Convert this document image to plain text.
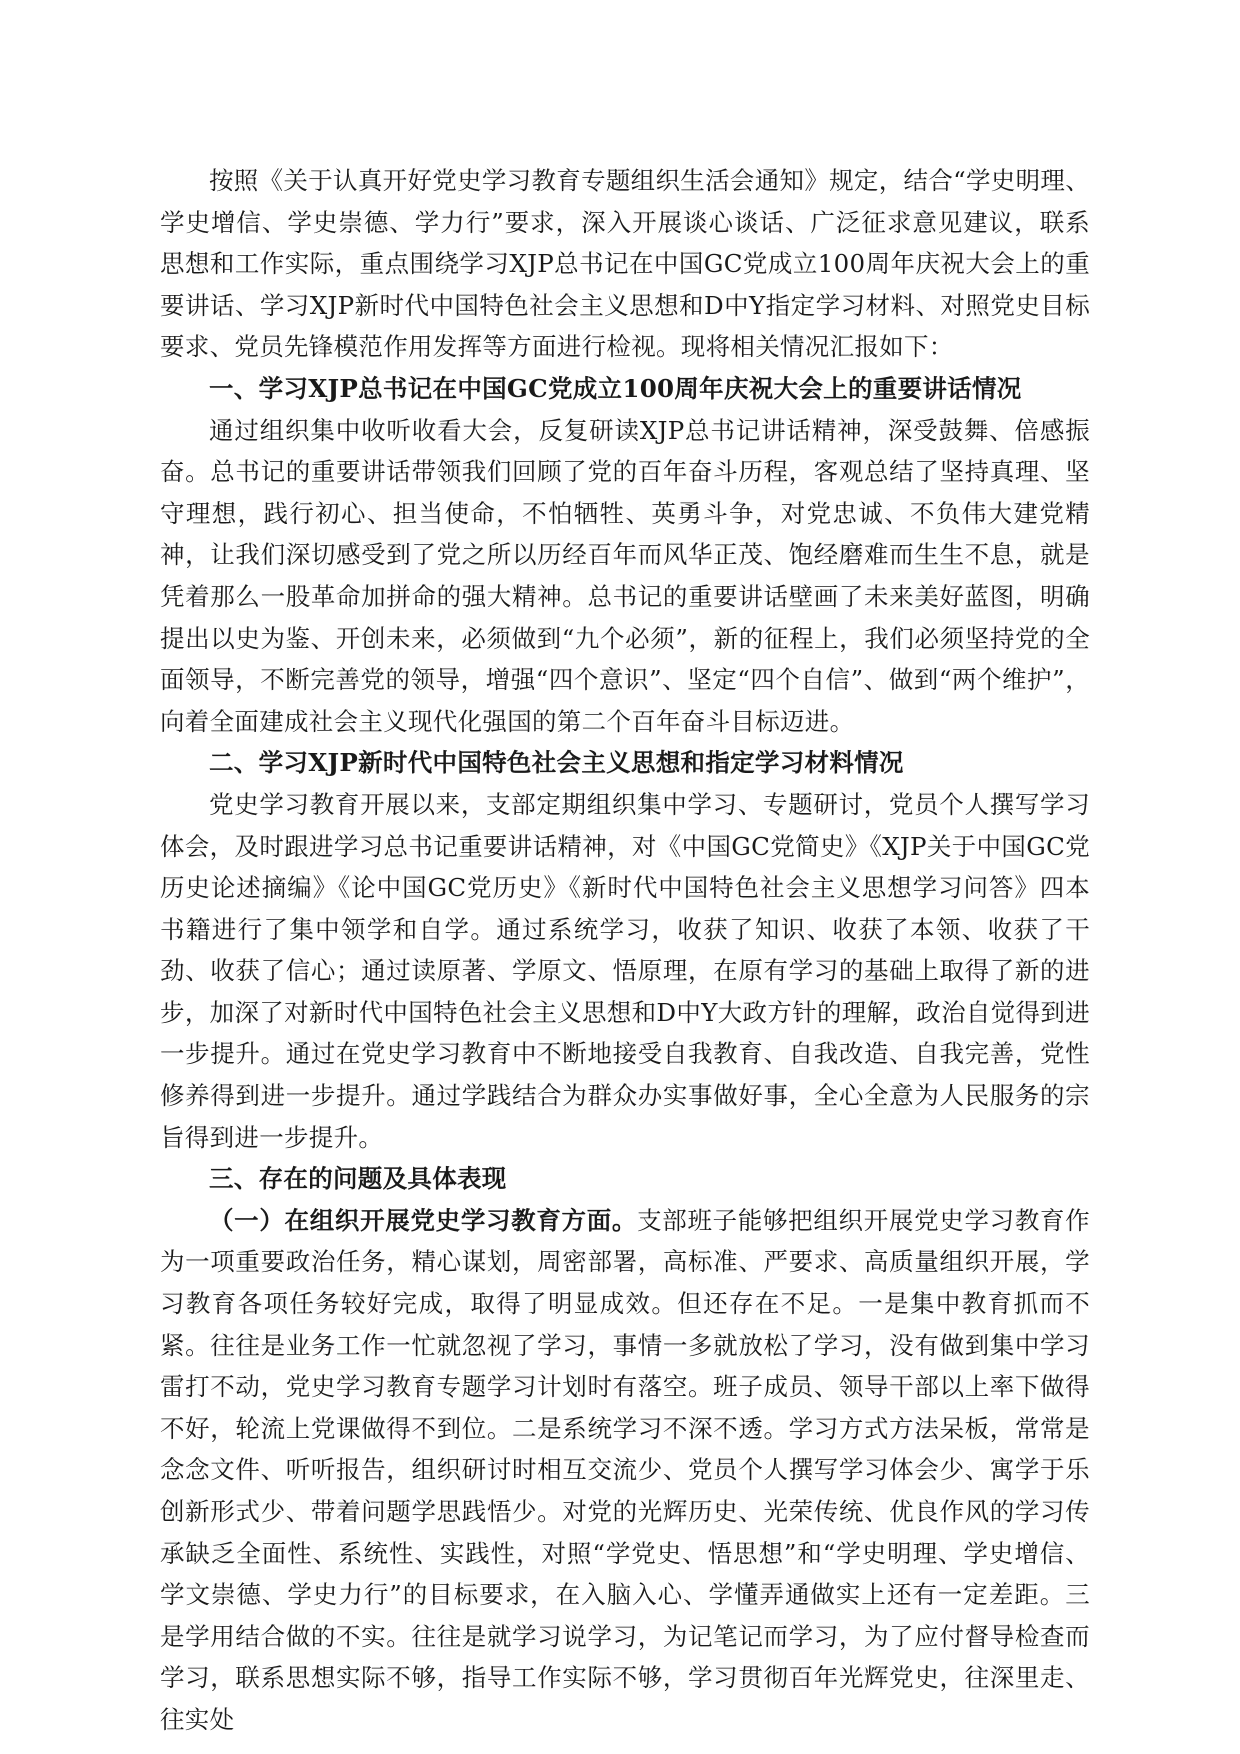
按照《关于认真开好党史学习教育专题组织生活会通知》规定，结合“学史明理、学史增信、学史崇德、学力行”要求，深入开展谈心谈话、广泛征求意见建议，联系思想和工作实际，重点围绕学习XJP总书记在中国GC党成立100周年庆祝大会上的重要讲话、学习XJP新时代中国特色社会主义思想和D中Y指定学习材料、对照党史目标要求、党员先锋模范作用发挥等方面进行检视。现将相关情况汇报如下：

一、学习XJP总书记在中国GC党成立100周年庆祝大会上的重要讲话情况

通过组织集中收听收看大会，反复研读XJP总书记讲话精神，深受鼓舞、倍感振奋。总书记的重要讲话带领我们回顾了党的百年奋斗历程，客观总结了坚持真理、坚守理想，践行初心、担当使命，不怕牺牲、英勇斗争，对党忠诚、不负伟大建党精神，让我们深切感受到了党之所以历经百年而风华正茂、饱经磨难而生生不息，就是凭着那么一股革命加拼命的强大精神。总书记的重要讲话壁画了未来美好蓝图，明确提出以史为鉴、开创未来，必须做到“九个必须”，新的征程上，我们必须坚持党的全面领导，不断完善党的领导，增强“四个意识”、坚定“四个自信”、做到“两个维护”，向着全面建成社会主义现代化强国的第二个百年奋斗目标迈进。

二、学习XJP新时代中国特色社会主义思想和指定学习材料情况

党史学习教育开展以来，支部定期组织集中学习、专题研讨，党员个人撰写学习体会，及时跟进学习总书记重要讲话精神，对《中国GC党简史》《XJP关于中国GC党历史论述摘编》《论中国GC党历史》《新时代中国特色社会主义思想学习问答》四本书籍进行了集中领学和自学。通过系统学习，收获了知识、收获了本领、收获了干劲、收获了信心；通过读原著、学原文、悟原理，在原有学习的基础上取得了新的进步，加深了对新时代中国特色社会主义思想和D中Y大政方针的理解，政治自觉得到进一步提升。通过在党史学习教育中不断地接受自我教育、自我改造、自我完善，党性修养得到进一步提升。通过学践结合为群众办实事做好事，全心全意为人民服务的宗旨得到进一步提升。

三、存在的问题及具体表现

（一）在组织开展党史学习教育方面。支部班子能够把组织开展党史学习教育作为一项重要政治任务，精心谋划，周密部署，高标准、严要求、高质量组织开展，学习教育各项任务较好完成，取得了明显成效。但还存在不足。一是集中教育抓而不紧。往往是业务工作一忙就忽视了学习，事情一多就放松了学习，没有做到集中学习雷打不动，党史学习教育专题学习计划时有落空。班子成员、领导干部以上率下做得不好，轮流上党课做得不到位。二是系统学习不深不透。学习方式方法呆板，常常是念念文件、听听报告，组织研讨时相互交流少、党员个人撰写学习体会少、寓学于乐创新形式少、带着问题学思践悟少。对党的光辉历史、光荣传统、优良作风的学习传承缺乏全面性、系统性、实践性，对照“学党史、悟思想”和“学史明理、学史增信、学文崇德、学史力行”的目标要求，在入脑入心、学懂弄通做实上还有一定差距。三是学用结合做的不实。往往是就学习说学习，为记笔记而学习，为了应付督导检查而学习，联系思想实际不够，指导工作实际不够，学习贯彻百年光辉党史，往深里走、往实处
